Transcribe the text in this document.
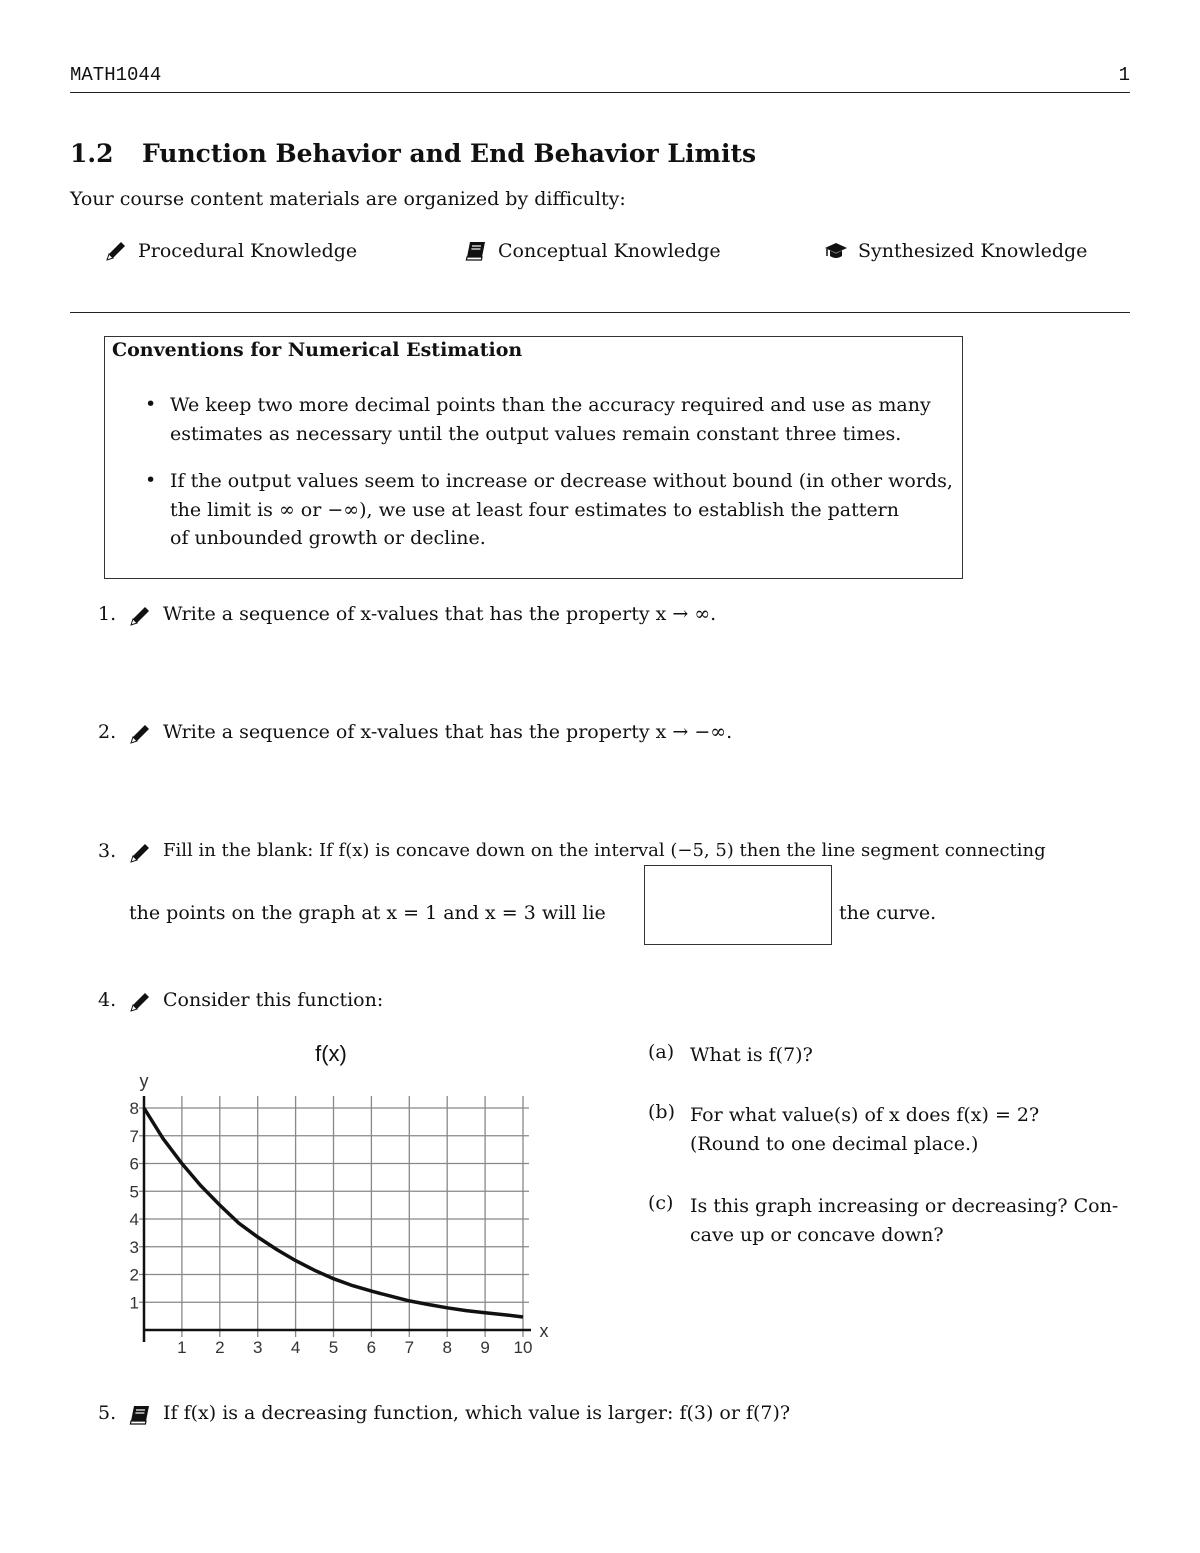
MATH1044	1
1.2 Function Behavior and End Behavior Limits
Your course content materials are organized by difficulty:
Procedural Knowledge	Conceptual Knowledge	Synthesized Knowledge
Conventions for Numerical Estimation
• We keep two more decimal points than the accuracy required and use as many
estimates as necessary until the output values remain constant three times.
• If the output values seem to increase or decrease without bound (in other words,
the limit is ∞ or −∞), we use at least four estimates to establish the pattern
of unbounded growth or decline.
1. Write a sequence of x-values that has the property x → ∞.
2. Write a sequence of x-values that has the property x → −∞.
3.	Fill in the blank: If f(x) is concave down on the interval (−5, 5) then the line segment connecting
the points on the graph at x = 1 and x = 3 will lie	the curve.
4. Consider this function:
f(x)
y
x
1 2 3 4 5 6 7 8 9 10
1
2
3
4
5
6
7
8
(a) What is f(7)?
(b) For what value(s) of x does f(x) = 2?
(Round to one decimal place.)
(c) Is this graph increasing or decreasing? Con-
cave up or concave down?
5. If f(x) is a decreasing function, which value is larger: f(3) or f(7)?
